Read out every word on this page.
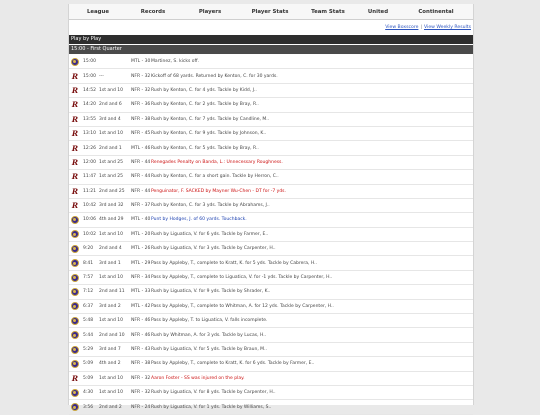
League	Records	Players	Player Stats	Team Stats	United	Continental
View Boxscore | View Weekly Results
Play by Play
15:00 - First Quarter
15:00	MTL - 30 Martinez, S. kicks off.
R 15:00 ---	NFR - 32 Kickoff of 68 yards. Returned by Kenton, C. for 30 yards.
R 14:52 1st and 10	NFR - 32 Rush by Kenton, C. for 4 yds. Tackle by Kidd, J..
R 14:20 2nd and 6	NFR - 36 Rush by Kenton, C. for 2 yds. Tackle by Bray, R..
R 13:55 3rd and 4	NFR - 38 Rush by Kenton, C. for 7 yds. Tackle by Candline, M..
R 13:10 1st and 10	NFR - 45 Rush by Kenton, C. for 9 yds. Tackle by Johnson, K..
R 12:26 2nd and 1	MTL - 46 Rush by Kenton, C. for 5 yds. Tackle by Bray, R..
R 12:00 1st and 25	NFR - 44 Renegades Penalty on Banda, L.: Unnecessary Roughness.
R 11:47 1st and 25	NFR - 44 Rush by Kenton, C. for a short gain. Tackle by Herron, C..
R 11:21 2nd and 25	NFR - 44 Penguinator, F. SACKED by Mayner Wu-Chen - DT for -7 yds.
R 10:42 3rd and 32	NFR - 37 Rush by Kenton, C. for 3 yds. Tackle by Abrahams, J..
10:06 4th and 29	MTL - 40 Punt by Hodges, J. of 60 yards. Touchback.
10:02 1st and 10	MTL - 20 Rush by Liguatica, V. for 6 yds. Tackle by Farmer, E..
9:20	2nd and 4	MTL - 26 Rush by Liguatica, V. for 3 yds. Tackle by Carpenter, H..
8:41	3rd and 1	MTL - 29 Pass by Appleby, T., complete to Kratt, K. for 5 yds. Tackle by Cabrera, H..
7:57	1st and 10	NFR - 34 Pass by Appleby, T., complete to Liguatica, V. for -1 yds. Tackle by Carpenter, H..
7:12	2nd and 11	MTL - 33 Rush by Liguatica, V. for 9 yds. Tackle by Shrader, K..
6:37	3rd and 2	MTL - 42 Pass by Appleby, T., complete to Whitman, A. for 12 yds. Tackle by Carpenter, H..
5:48	1st and 10	NFR - 46 Pass by Appleby, T. to Liguatica, V. falls incomplete.
5:44	2nd and 10	NFR - 46 Rush by Whitman, A. for 3 yds. Tackle by Lucas, H..
5:29	3rd and 7	NFR - 43 Rush by Liguatica, V. for 5 yds. Tackle by Braun, M..
5:09	4th and 2	NFR - 38 Pass by Appleby, T., complete to Kratt, K. for 6 yds. Tackle by Farmer, E..
R 5:09	1st and 10	NFR - 32 Aaron Foster - SS was injured on the play.
4:30	1st and 10	NFR - 32 Rush by Liguatica, V. for 8 yds. Tackle by Carpenter, H..
3:56	2nd and 2	NFR - 24 Rush by Liguatica, V. for 1 yds. Tackle by Williams, S..
